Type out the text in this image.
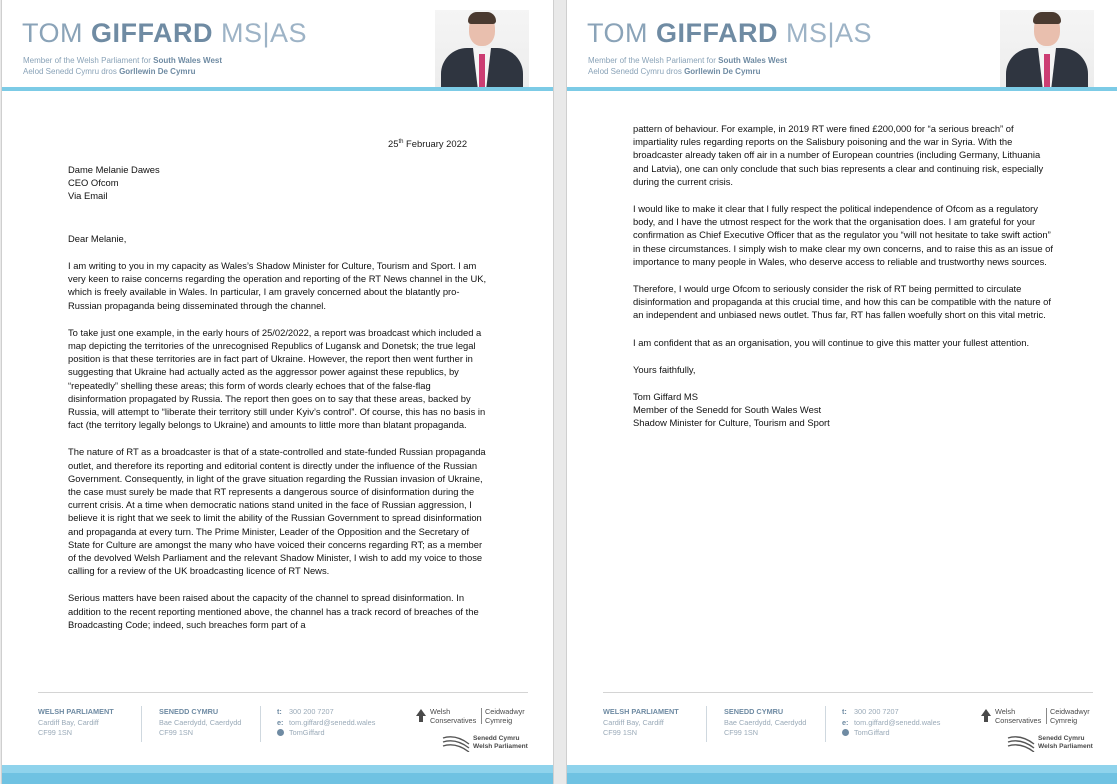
TOM GIFFARD MS|AS
Member of the Welsh Parliament for South Wales West
Aelod Senedd Cymru dros Gorllewin De Cymru
25th February 2022
Dame Melanie Dawes
CEO Ofcom
Via Email
Dear Melanie,

I am writing to you in my capacity as Wales’s Shadow Minister for Culture, Tourism and Sport. I am very keen to raise concerns regarding the operation and reporting of the RT News channel in the UK, which is freely available in Wales. In particular, I am gravely concerned about the blatantly pro-Russian propaganda being disseminated through the channel.

To take just one example, in the early hours of 25/02/2022, a report was broadcast which included a map depicting the territories of the unrecognised Republics of Lugansk and Donetsk; the true legal position is that these territories are in fact part of Ukraine. However, the report then went further in suggesting that Ukraine had actually acted as the aggressor power against these republics, by “repeatedly” shelling these areas; this form of words clearly echoes that of the false-flag disinformation propagated by Russia. The report then goes on to say that these areas, backed by Russia, will attempt to “liberate their territory still under Kyiv’s control”. Of course, this has no basis in fact (the territory legally belongs to Ukraine) and amounts to little more than blatant propaganda.

The nature of RT as a broadcaster is that of a state-controlled and state-funded Russian propaganda outlet, and therefore its reporting and editorial content is directly under the influence of the Russian Government. Consequently, in light of the grave situation regarding the Russian invasion of Ukraine, the case must surely be made that RT represents a dangerous source of disinformation during the current crisis. At a time when democratic nations stand united in the face of Russian aggression, I believe it is right that we seek to limit the ability of the Russian Government to spread disinformation and propaganda at every turn. The Prime Minister, Leader of the Opposition and the Secretary of State for Culture are amongst the many who have voiced their concerns regarding RT; as a member of the devolved Welsh Parliament and the relevant Shadow Minister, I wish to add my voice to those calling for a review of the UK broadcasting licence of RT News.

Serious matters have been raised about the capacity of the channel to spread disinformation. In addition to the recent reporting mentioned above, the channel has a track record of breaches of the Broadcasting Code; indeed, such breaches form part of a

WELSH PARLIAMENT
Cardiff Bay, Cardiff
CF99 1SN
SENEDD CYMRU
Bae Caerdydd, Caerdydd
CF99 1SN
t: 300 200 7207
e: tom.giffard@senedd.wales
TomGiffard
Welsh
Conservatives
Ceidwadwyr
Cymreig
Senedd Cymru
Welsh Parliament
TOM GIFFARD MS|AS
Member of the Welsh Parliament for South Wales West
Aelod Senedd Cymru dros Gorllewin De Cymru

pattern of behaviour. For example, in 2019 RT were fined £200,000 for “a serious breach” of impartiality rules regarding reports on the Salisbury poisoning and the war in Syria. With the broadcaster already taken off air in a number of European countries (including Germany, Lithuania and Latvia), one can only conclude that such bias represents a clear and continuing risk, especially during the current crisis.

I would like to make it clear that I fully respect the political independence of Ofcom as a regulatory body, and I have the utmost respect for the work that the organisation does. I am grateful for your confirmation as Chief Executive Officer that as the regulator you “will not hesitate to take swift action” in these circumstances. I simply wish to make clear my own concerns, and to raise this as an issue of importance to many people in Wales, who deserve access to reliable and trustworthy news sources.

Therefore, I would urge Ofcom to seriously consider the risk of RT being permitted to circulate disinformation and propaganda at this crucial time, and how this can be compatible with the nature of an independent and unbiased news outlet. Thus far, RT has fallen woefully short on this vital metric.

I am confident that as an organisation, you will continue to give this matter your fullest attention.

Yours faithfully,

Tom Giffard MS
Member of the Senedd for South Wales West
Shadow Minister for Culture, Tourism and Sport
WELSH PARLIAMENT
Cardiff Bay, Cardiff
CF99 1SN
SENEDD CYMRU
Bae Caerdydd, Caerdydd
CF99 1SN
t: 300 200 7207
e: tom.giffard@senedd.wales
TomGiffard
Welsh
Conservatives
Ceidwadwyr
Cymreig
Senedd Cymru
Welsh Parliament
